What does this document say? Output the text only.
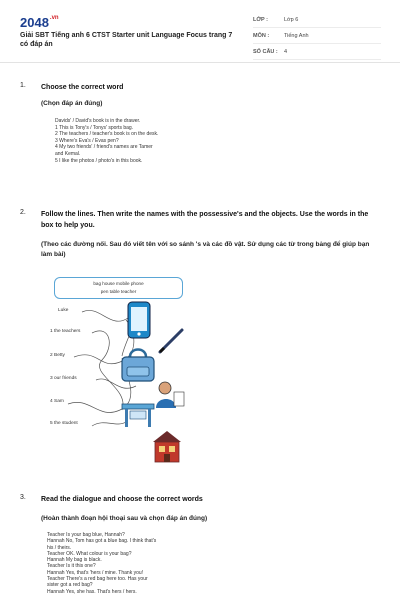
$2048^{.vn}$
Giải SBT Tiếng anh 6 CTST Starter unit Language Focus trang 7 có đáp án
LỚP :	Lớp 6
MÔN :	Tiếng Anh
SỐ CÂU :	4
1. Choose the correct word
(Chọn đáp án đúng)
Davids' / David's book is in the drawer.
1 This is Tony's / Tonys' sports bag.
2 The teachers / teacher's book is on the desk.
3 Where's Eva's / Evas pen?
4 My two friends' / friend's names are Tamer
and Kemal.
5 I like the photos / photo's in this book.
2. Follow the lines. Then write the names with the possessive's and the objects. Use the words in the box to help you.
(Theo các đường nối. Sau đó viết tên với so sánh 's và các đồ vật. Sử dụng các từ trong bảng để giúp bạn làm bài)
bag house mobile phone
pen table teacher
Luke
1 the teachers
2 Betty
3 our friends
4 Sam
5 the student
3. Read the dialogue and choose the correct words
(Hoàn thành đoạn hội thoại sau và chọn đáp án đúng)
Teacher Is your bag blue, Hannah?
Hannah No, Tom has got a blue bag. I think that's
his / theirs.
Teacher OK. What colour is your bag?
Hannah My bag is black.
Teacher Is it this one?
Hannah Yes, that's 'hers / mine. Thank you!
Teacher There's a red bag here too. Has your
sister got a red bag?
Hannah Yes, she has. That's hers / hers.
